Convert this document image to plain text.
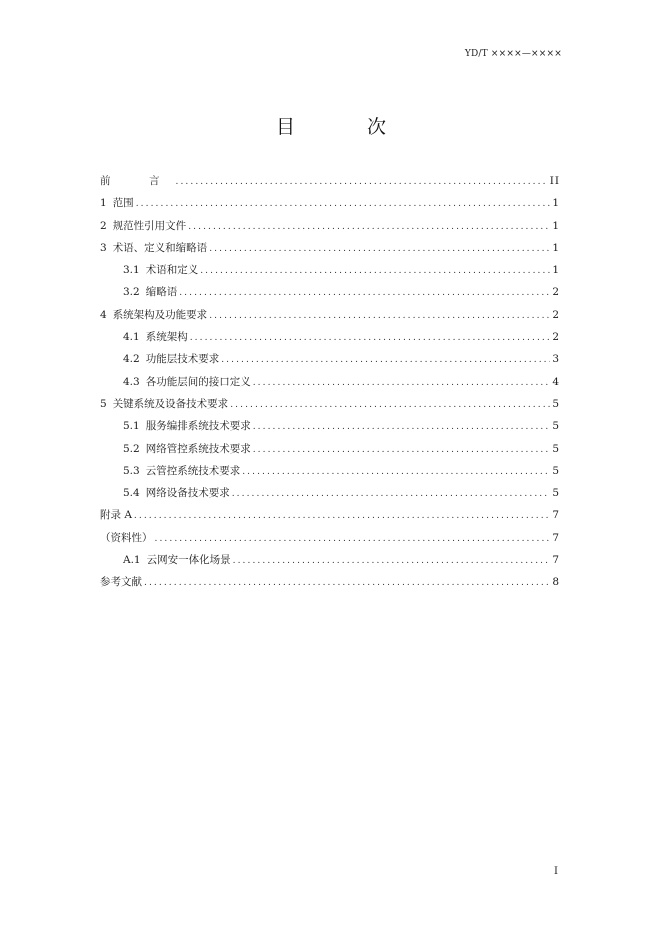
YD/T ××××—××××
目	次
前　言 .....	II
1 范围 .....	1
2 规范性引用文件 .....	1
3 术语、定义和缩略语 .....	1
3.1 术语和定义 .....	1
3.2 缩略语 .....	2
4 系统架构及功能要求 .....	2
4.1 系统架构 .....	2
4.2 功能层技术要求 .....	3
4.3 各功能层间的接口定义 .....	4
5 关键系统及设备技术要求 .....	5
5.1 服务编排系统技术要求 .....	5
5.2 网络管控系统技术要求 .....	5
5.3 云管控系统技术要求 .....	5
5.4 网络设备技术要求 .....	5
附录 A .....	7
（资料性） .....	7
A.1 云网安一体化场景 .....	7
参考文献 .....	8
I
